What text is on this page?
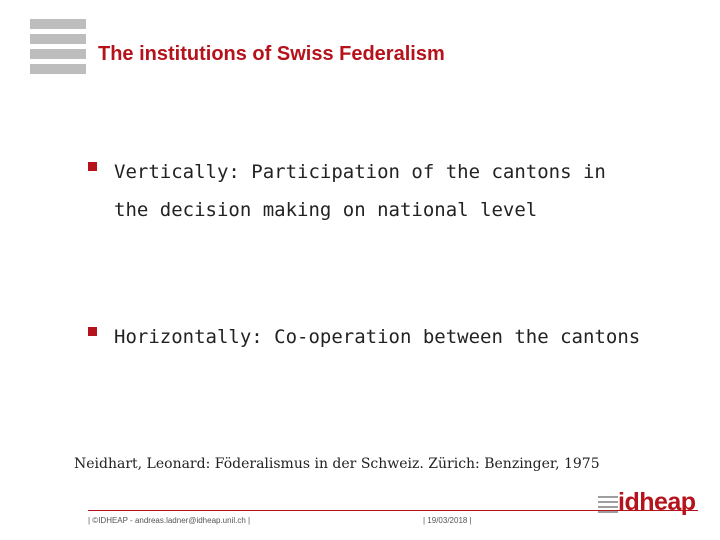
The institutions of Swiss Federalism
Vertically: Participation of the cantons in the decision making on national level
Horizontally: Co-operation between the cantons

Neidhart, Leonard: Föderalismus in der Schweiz. Zürich: Benzinger, 1975

| ©IDHEAP - andreas.ladner@idheap.unil.ch |	| 19/03/2018 |
idheap
